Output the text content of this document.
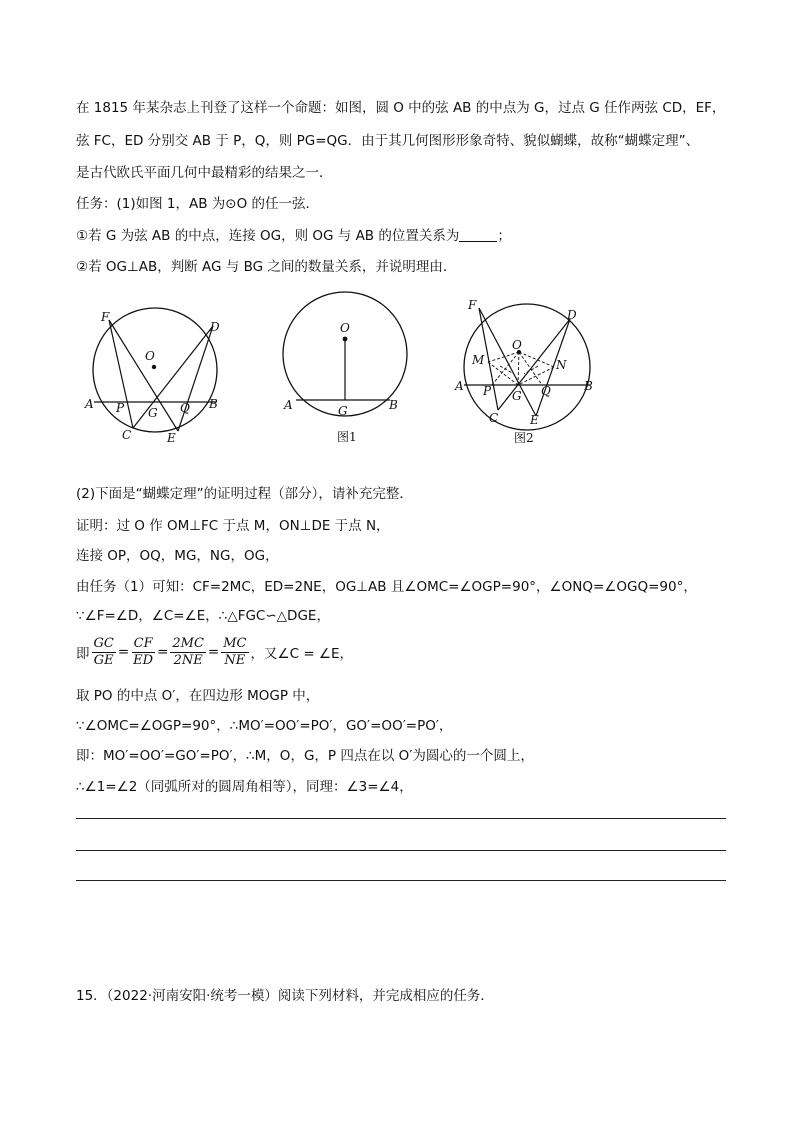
在 1815 年某杂志上刊登了这样一个命题：如图，圆 O 中的弦 AB 的中点为 G，过点 G 任作两弦 CD，EF，
弦 FC，ED 分别交 AB 于 P，Q，则 PG=QG．由于其几何图形形象奇特、貌似蝴蝶，故称“蝴蝶定理”、
是古代欧氏平面几何中最精彩的结果之一．
任务：(1)如图 1，AB 为⊙O 的任一弦．
①若 G 为弦 AB 的中点，连接 OG，则 OG 与 AB 的位置关系为	；
②若 OG⊥AB，判断 AG 与 BG 之间的数量关系，并说明理由．
F
D
O
A P G Q B
C	E
O
A	G	B
图1
F
D
O
M	N
A P G Q	B
C	E
图2
(2)下面是“蝴蝶定理”的证明过程（部分），请补充完整．
证明：过 O 作 OM⊥FC 于点 M，ON⊥DE 于点 N，
连接 OP，OQ，MG，NG，OG，
由任务（1）可知：CF=2MC，ED=2NE，OG⊥AB 且∠OMC=∠OGP=90°，∠ONQ=∠OGQ=90°，
∵∠F=∠D，∠C=∠E，∴△FGC∽△DGE，
即 $\frac{GC}{GE} = \frac{CF}{ED} = \frac{2MC}{2NE} = \frac{MC}{NE}$ ，又∠C = ∠E，
取 PO 的中点 O′，在四边形 MOGP 中，
∵∠OMC=∠OGP=90°，∴MO′=OO′=PO′，GO′=OO′=PO′，
即：MO′=OO′=GO′=PO′，∴M，O，G，P 四点在以 O′为圆心的一个圆上，
∴∠1=∠2（同弧所对的圆周角相等），同理：∠3=∠4，
15．（2022·河南安阳·统考一模）阅读下列材料，并完成相应的任务．
